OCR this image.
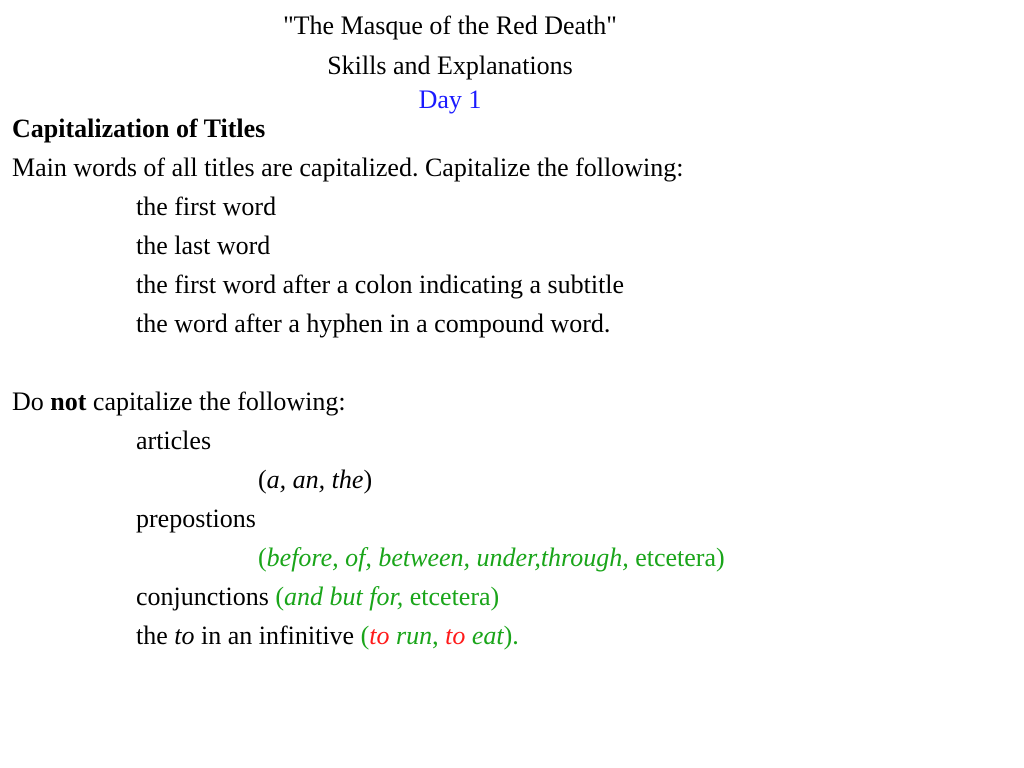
"The Masque of the Red Death"
Skills and Explanations
Day 1
Capitalization of Titles
Main words of all titles are capitalized. Capitalize the following:
the first word
the last word
the first word after a colon indicating a subtitle
the word after a hyphen in a compound word.
Do not capitalize the following:
articles
(a, an, the)
prepostions
(before, of, between, under,through, etcetera)
conjunctions (and but for, etcetera)
the to in an infinitive (to run, to eat).
